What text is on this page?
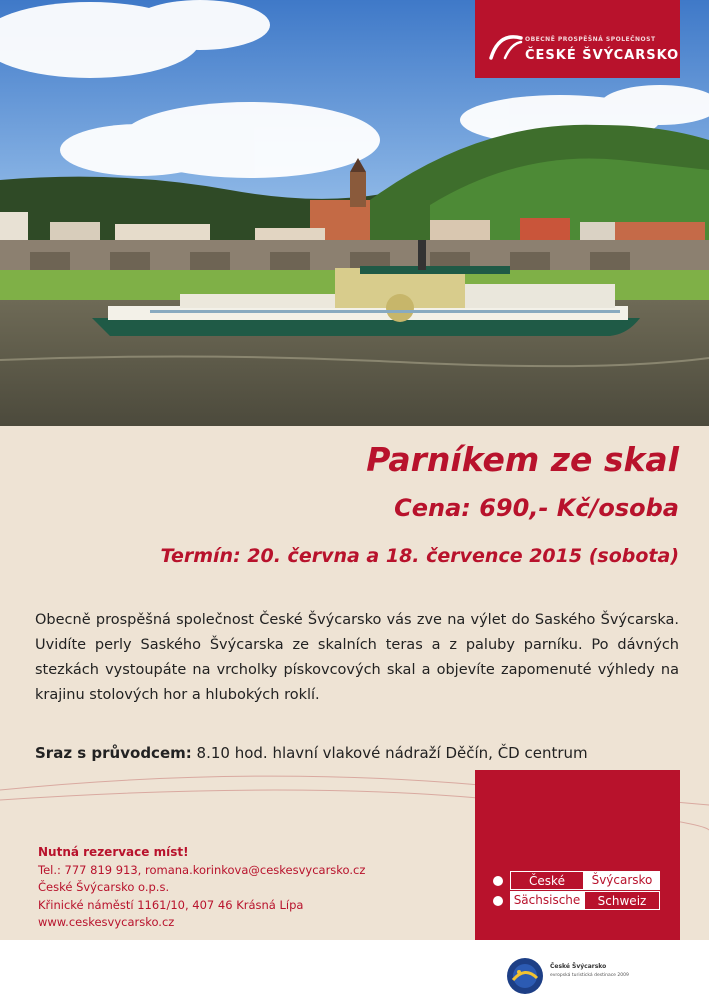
OBECNĚ PROSPĚŠNÁ SPOLEČNOST
ČESKÉ ŠVÝCARSKO
Parníkem ze skal
Cena: 690,- Kč/osoba
Termín: 20. června a 18. července 2015 (sobota)

Obecně prospěšná společnost České Švýcarsko vás zve na výlet do Saského Švýcarska. Uvidíte perly Saského Švýcarska ze skalních teras a z paluby parníku. Po dávných stezkách vystoupáte na vrcholky pískovcových skal a objevíte zapomenuté výhledy na krajinu stolových hor a hlubokých roklí.

Sraz s průvodcem: 8.10 hod. hlavní vlakové nádraží Děčín, ČD centrum
Nutná rezervace míst!
Tel.: 777 819 913, romana.korinkova@ceskesvycarsko.cz
České Švýcarsko o.p.s.
Křinické náměstí 1161/10, 407 46 Krásná Lípa
www.ceskesvycarsko.cz
České	Švýcarsko
Sächsische	Schweiz
České Švýcarsko
evropská turistická destinace 2009
